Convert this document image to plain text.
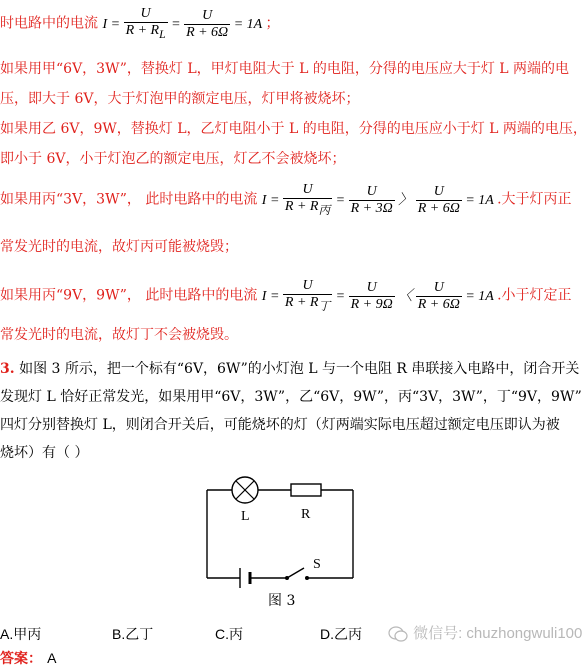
时电路中的电流 $I = \frac{U}{R + R_L} = \frac{U}{R + 6\Omega} = 1A$ ；
如果用甲“6V，3W”，替换灯 L，甲灯电阻大于 L 的电阻，分得的电压应大于灯 L 两端的电
压，即大于 6V，大于灯泡甲的额定电压，灯甲将被烧坏；
如果用乙 6V，9W，替换灯 L，乙灯电阻小于 L 的电阻，分得的电压应小于灯 L 两端的电压，
即小于 6V，小于灯泡乙的额定电压，灯乙不会被烧坏；
如果用丙“3V，3W”， 此时电路中的电流 $I = \frac{U}{R + R_丙} = \frac{U}{R + 3\Omega}$ 〉 $\frac{U}{R + 6\Omega} = 1A$ .大于灯丙正
常发光时的电流，故灯丙可能被烧毁；
如果用丙“9V，9W”， 此时电路中的电流 $I = \frac{U}{R + R_丁} = \frac{U}{R + 9\Omega}$ 〈 $\frac{U}{R + 6\Omega} = 1A$ .小于灯定正
常发光时的电流，故灯丁不会被烧毁。
3. 如图 3 所示，把一个标有“6V，6W”的小灯泡 L 与一个电阻 R 串联接入电路中，闭合开关
发现灯 L 恰好正常发光，如果用甲“6V，3W”，乙“6V，9W”，丙“3V，3W”，丁“9V，9W”
四灯分别替换灯 L，则闭合开关后，可能烧坏的灯（灯两端实际电压超过额定电压即认为被
烧坏）有（ ）
L	R
S
图 3
A.甲丙	B.乙丁	C.丙	D.乙丙	微信号: chuzhongwuli100
答案： A
